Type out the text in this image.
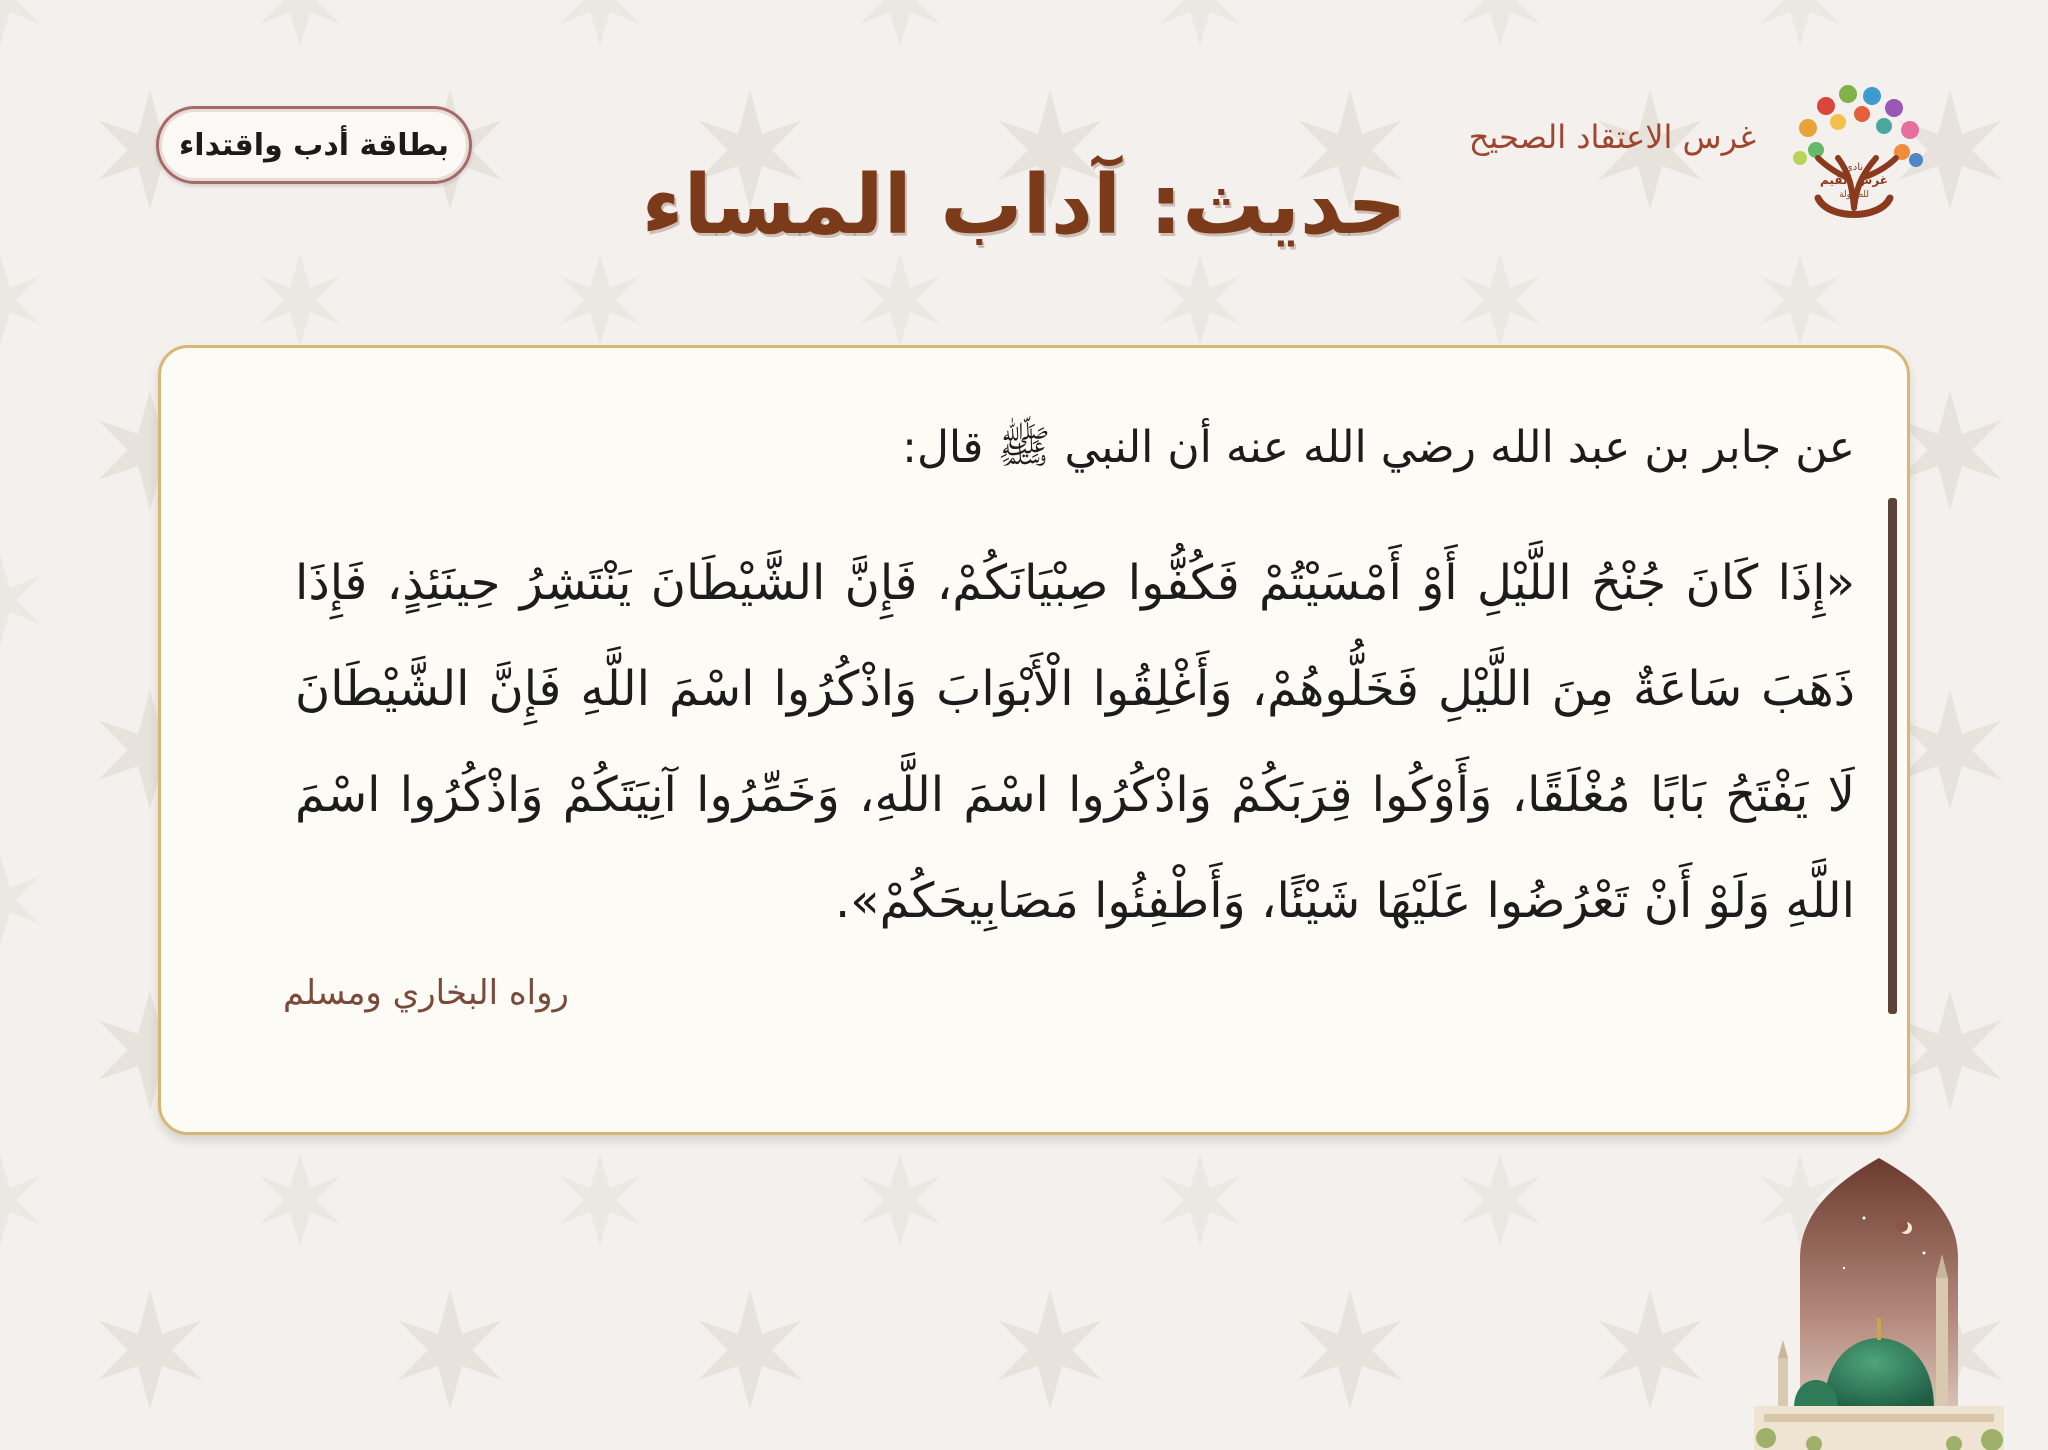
نادي
غرس القيم
للطفولة
غرس الاعتقاد الصحيح
بطاقة أدب واقتداء
حديث: آداب المساء
عن جابر بن عبد الله رضي الله عنه أن النبي ﷺ قال:
«إِذَا كَانَ جُنْحُ اللَّيْلِ أَوْ أَمْسَيْتُمْ فَكُفُّوا صِبْيَانَكُمْ، فَإِنَّ الشَّيْطَانَ يَنْتَشِرُ حِينَئِذٍ، فَإِذَا ذَهَبَ سَاعَةٌ مِنَ اللَّيْلِ فَخَلُّوهُمْ، وَأَغْلِقُوا الْأَبْوَابَ وَاذْكُرُوا اسْمَ اللَّهِ فَإِنَّ الشَّيْطَانَ لَا يَفْتَحُ بَابًا مُغْلَقًا، وَأَوْكُوا قِرَبَكُمْ وَاذْكُرُوا اسْمَ اللَّهِ، وَخَمِّرُوا آنِيَتَكُمْ وَاذْكُرُوا اسْمَ اللَّهِ وَلَوْ أَنْ تَعْرُضُوا عَلَيْهَا شَيْئًا، وَأَطْفِئُوا مَصَابِيحَكُمْ».
رواه البخاري ومسلم
